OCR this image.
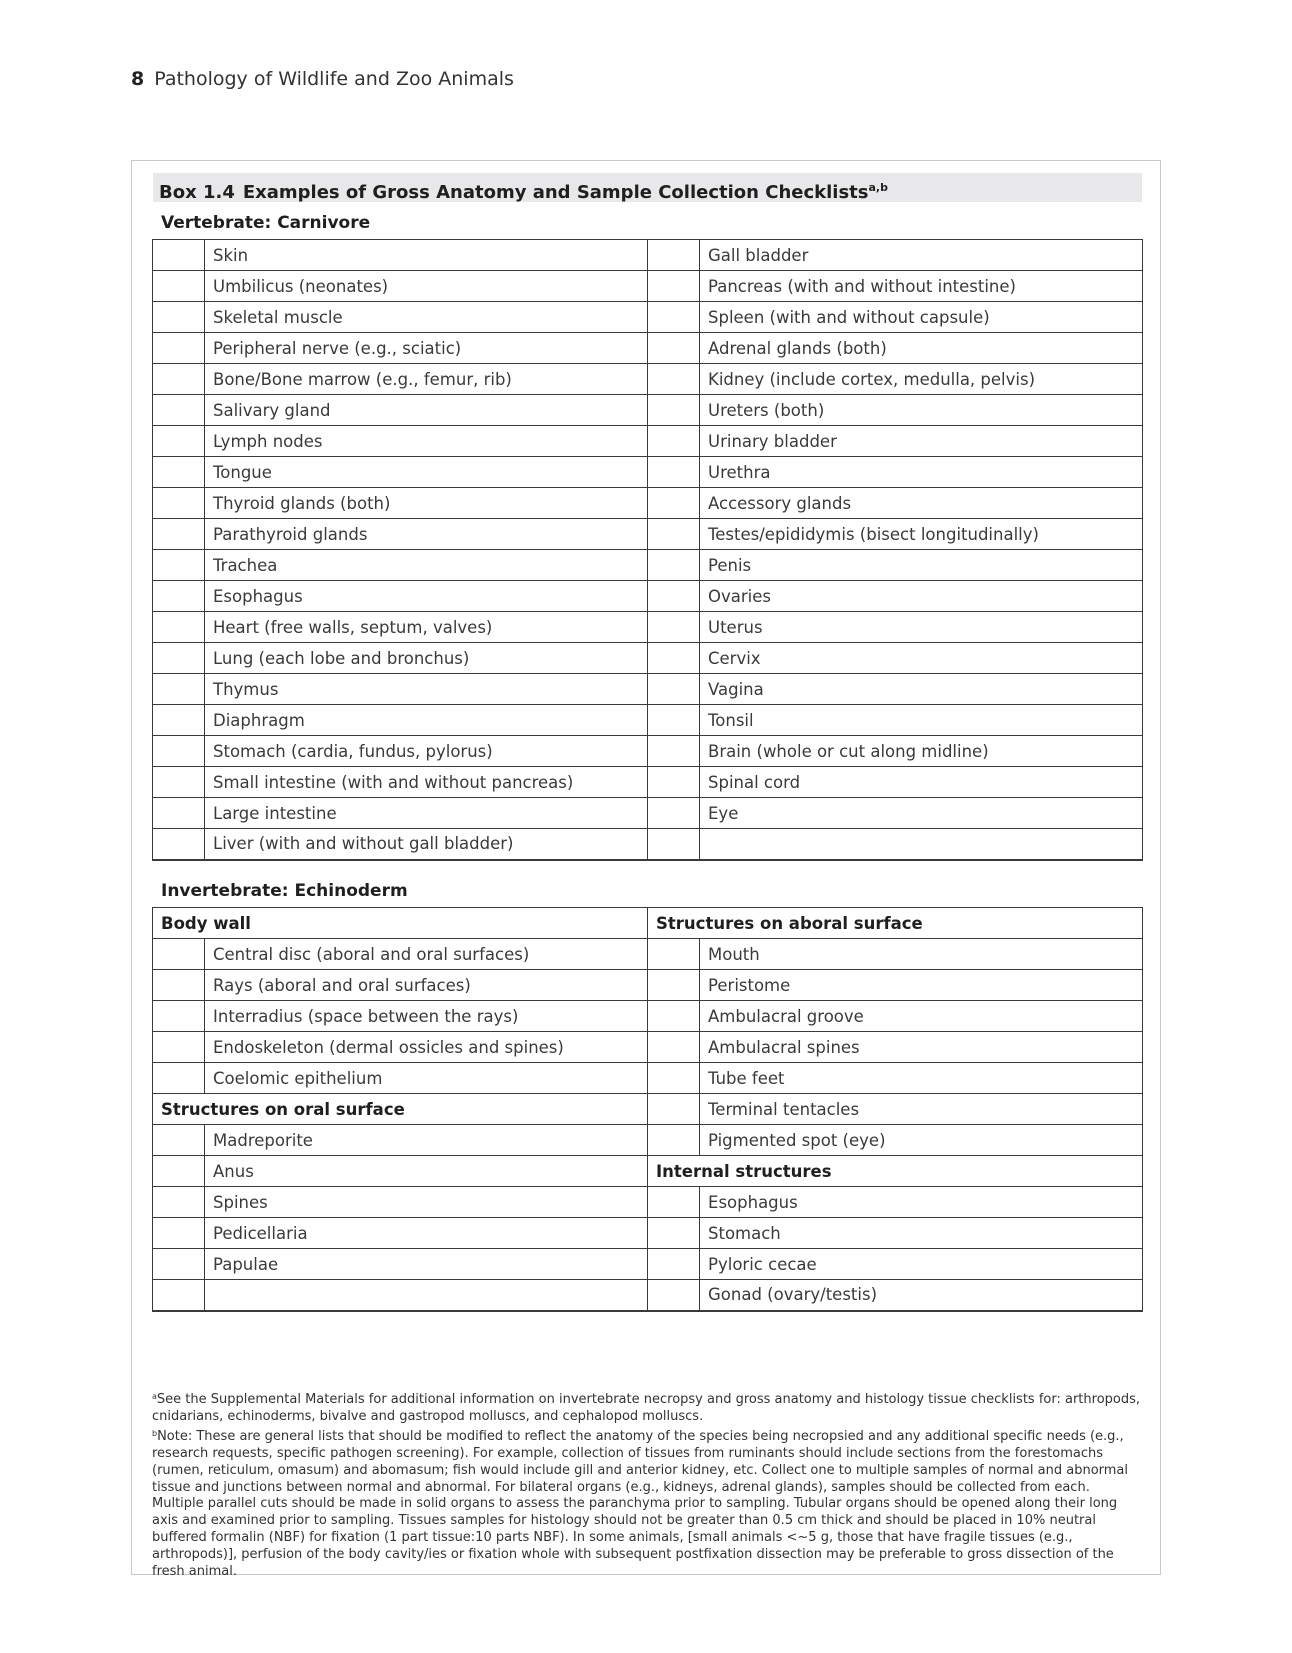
8 Pathology of Wildlife and Zoo Animals
Box 1.4 Examples of Gross Anatomy and Sample Collection Checklists$^{a,b}$
Vertebrate: Carnivore
	Skin		Gall bladder
	Umbilicus (neonates)		Pancreas (with and without intestine)
	Skeletal muscle		Spleen (with and without capsule)
	Peripheral nerve (e.g., sciatic)		Adrenal glands (both)
	Bone/Bone marrow (e.g., femur, rib)		Kidney (include cortex, medulla, pelvis)
	Salivary gland		Ureters (both)
	Lymph nodes		Urinary bladder
	Tongue		Urethra
	Thyroid glands (both)		Accessory glands
	Parathyroid glands		Testes/epididymis (bisect longitudinally)
	Trachea		Penis
	Esophagus		Ovaries
	Heart (free walls, septum, valves)		Uterus
	Lung (each lobe and bronchus)		Cervix
	Thymus		Vagina
	Diaphragm		Tonsil
	Stomach (cardia, fundus, pylorus)		Brain (whole or cut along midline)
	Small intestine (with and without pancreas)		Spinal cord
	Large intestine		Eye
	Liver (with and without gall bladder)		
Invertebrate: Echinoderm
Body wall		Structures on aboral surface	
	Central disc (aboral and oral surfaces)		Mouth
	Rays (aboral and oral surfaces)		Peristome
	Interradius (space between the rays)		Ambulacral groove
	Endoskeleton (dermal ossicles and spines)		Ambulacral spines
	Coelomic epithelium		Tube feet
Structures on oral surface			Terminal tentacles
	Madreporite		Pigmented spot (eye)
	Anus	Internal structures	
	Spines		Esophagus
	Pedicellaria		Stomach
	Papulae		Pyloric cecae
			Gonad (ovary/testis)

$^a$See the Supplemental Materials for additional information on invertebrate necropsy and gross anatomy and histology tissue checklists for: arthropods, cnidarians, echinoderms, bivalve and gastropod molluscs, and cephalopod molluscs.

$^b$Note: These are general lists that should be modified to reflect the anatomy of the species being necropsied and any additional specific needs (e.g., research requests, specific pathogen screening). For example, collection of tissues from ruminants should include sections from the forestomachs (rumen, reticulum, omasum) and abomasum; fish would include gill and anterior kidney, etc. Collect one to multiple samples of normal and abnormal tissue and junctions between normal and abnormal. For bilateral organs (e.g., kidneys, adrenal glands), samples should be collected from each. Multiple parallel cuts should be made in solid organs to assess the paranchyma prior to sampling. Tubular organs should be opened along their long axis and examined prior to sampling. Tissues samples for histology should not be greater than 0.5 cm thick and should be placed in 10% neutral buffered formalin (NBF) for fixation (1 part tissue:10 parts NBF). In some animals, [small animals <~5 g, those that have fragile tissues (e.g., arthropods)], perfusion of the body cavity/ies or fixation whole with subsequent postfixation dissection may be preferable to gross dissection of the fresh animal.
